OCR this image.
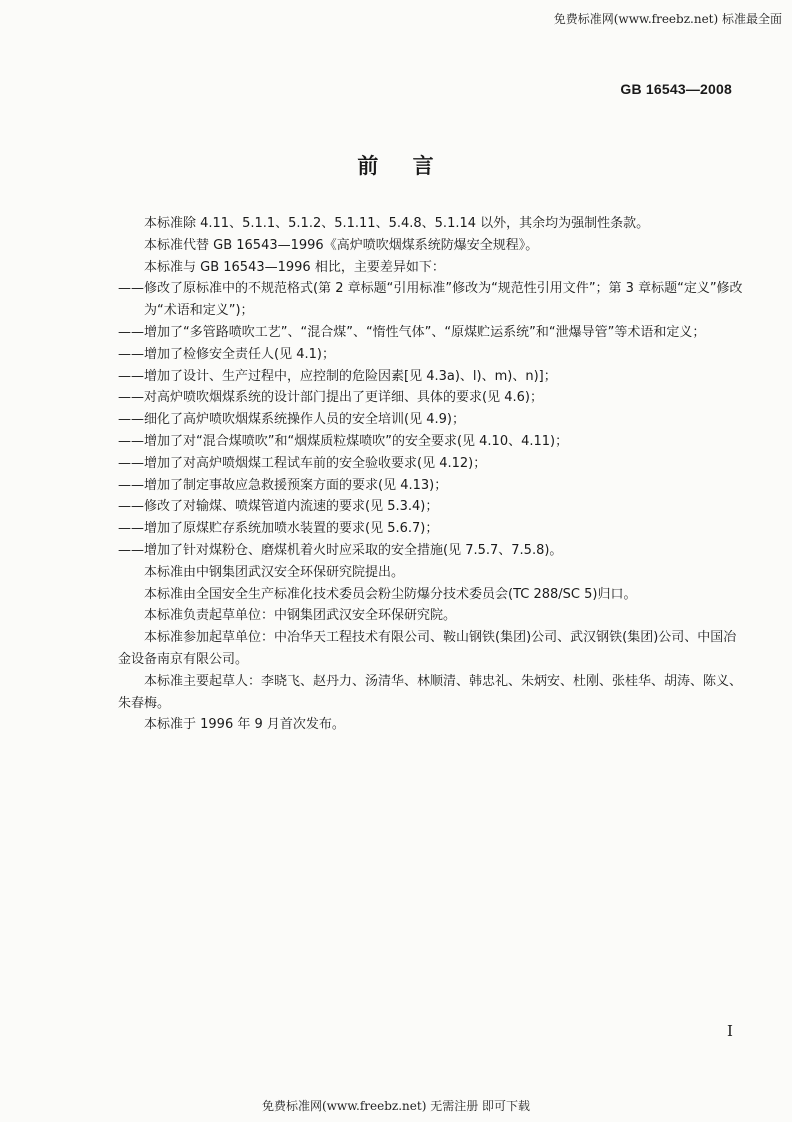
免费标准网(www.freebz.net) 标准最全面
GB 16543—2008
前    言

本标准除 4.11、5.1.1、5.1.2、5.1.11、5.4.8、5.1.14 以外，其余均为强制性条款。

本标准代替 GB 16543—1996《高炉喷吹烟煤系统防爆安全规程》。

本标准与 GB 16543—1996 相比，主要差异如下：

——修改了原标准中的不规范格式(第 2 章标题“引用标准”修改为“规范性引用文件”；第 3 章标题“定义”修改为“术语和定义”)；

——增加了“多管路喷吹工艺”、“混合煤”、“惰性气体”、“原煤贮运系统”和“泄爆导管”等术语和定义；

——增加了检修安全责任人(见 4.1)；

——增加了设计、生产过程中，应控制的危险因素[见 4.3a)、l)、m)、n)]；

——对高炉喷吹烟煤系统的设计部门提出了更详细、具体的要求(见 4.6)；

——细化了高炉喷吹烟煤系统操作人员的安全培训(见 4.9)；

——增加了对“混合煤喷吹”和“烟煤质粒煤喷吹”的安全要求(见 4.10、4.11)；

——增加了对高炉喷烟煤工程试车前的安全验收要求(见 4.12)；

——增加了制定事故应急救援预案方面的要求(见 4.13)；

——修改了对输煤、喷煤管道内流速的要求(见 5.3.4)；

——增加了原煤贮存系统加喷水装置的要求(见 5.6.7)；

——增加了针对煤粉仓、磨煤机着火时应采取的安全措施(见 7.5.7、7.5.8)。

本标准由中钢集团武汉安全环保研究院提出。

本标准由全国安全生产标准化技术委员会粉尘防爆分技术委员会(TC 288/SC 5)归口。

本标准负责起草单位：中钢集团武汉安全环保研究院。

本标准参加起草单位：中冶华天工程技术有限公司、鞍山钢铁(集团)公司、武汉钢铁(集团)公司、中国冶金设备南京有限公司。

本标准主要起草人：李晓飞、赵丹力、汤清华、林顺清、韩忠礼、朱炳安、杜刚、张桂华、胡涛、陈义、朱春梅。

本标准于 1996 年 9 月首次发布。

I
免费标准网(www.freebz.net) 无需注册 即可下载
